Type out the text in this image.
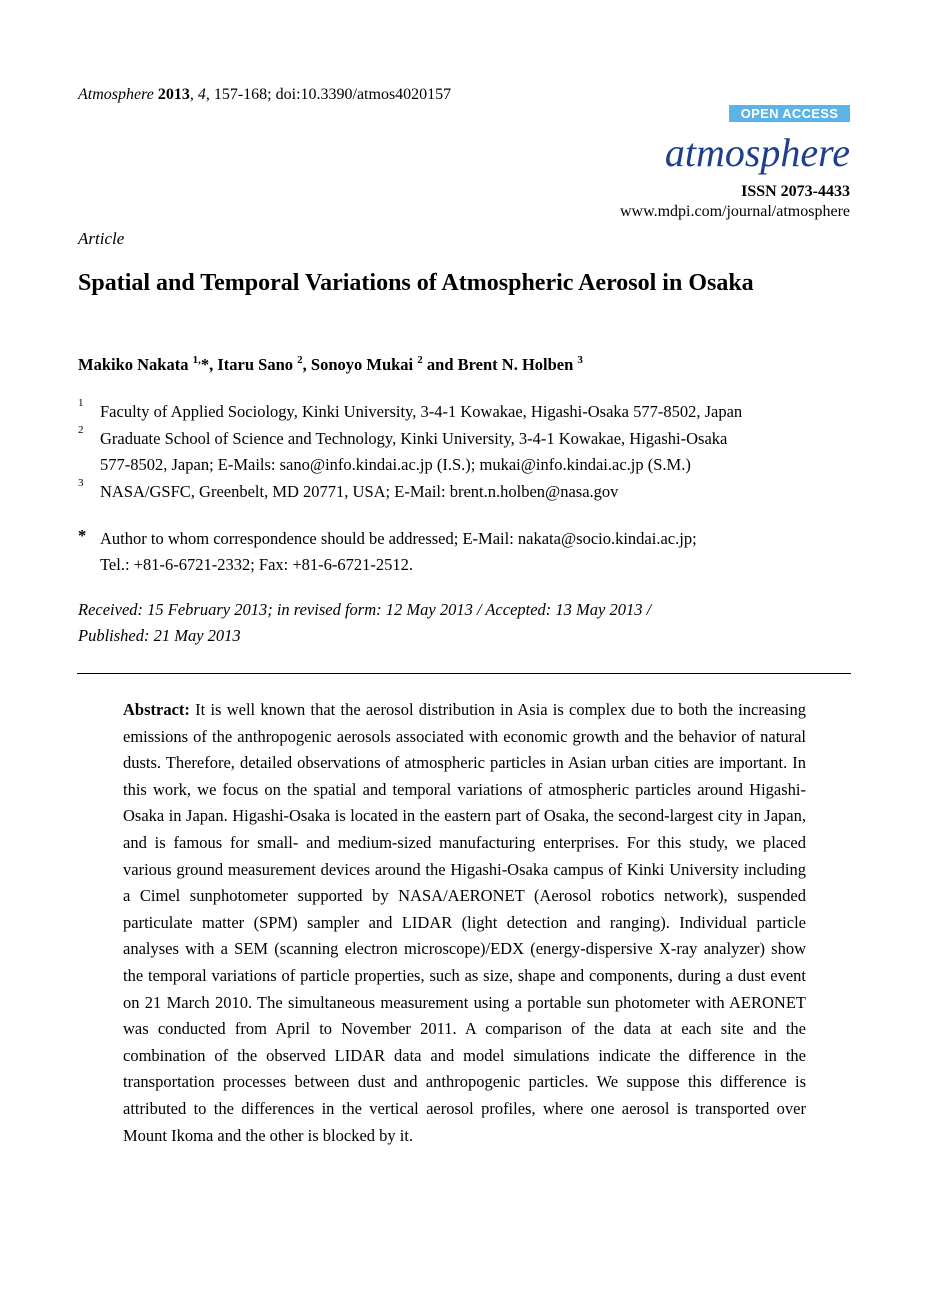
Atmosphere 2013, 4, 157-168; doi:10.3390/atmos4020157
OPEN ACCESS
atmosphere
ISSN 2073-4433
www.mdpi.com/journal/atmosphere
Article
Spatial and Temporal Variations of Atmospheric Aerosol in Osaka
Makiko Nakata $^{1,}$*, Itaru Sano $^2$, Sonoyo Mukai $^2$ and Brent N. Holben $^3$
1 Faculty of Applied Sociology, Kinki University, 3-4-1 Kowakae, Higashi-Osaka 577-8502, Japan
2 Graduate School of Science and Technology, Kinki University, 3-4-1 Kowakae, Higashi-Osaka
577-8502, Japan; E-Mails: sano@info.kindai.ac.jp (I.S.); mukai@info.kindai.ac.jp (S.M.)
3 NASA/GSFC, Greenbelt, MD 20771, USA; E-Mail: brent.n.holben@nasa.gov
* Author to whom correspondence should be addressed; E-Mail: nakata@socio.kindai.ac.jp;
Tel.: +81-6-6721-2332; Fax: +81-6-6721-2512.
Received: 15 February 2013; in revised form: 12 May 2013 / Accepted: 13 May 2013 /
Published: 21 May 2013
Abstract: It is well known that the aerosol distribution in Asia is complex due to both the increasing emissions of the anthropogenic aerosols associated with economic growth and the behavior of natural dusts. Therefore, detailed observations of atmospheric particles in Asian urban cities are important. In this work, we focus on the spatial and temporal variations of atmospheric particles around Higashi-Osaka in Japan. Higashi-Osaka is located in the eastern part of Osaka, the second-largest city in Japan, and is famous for small- and medium-sized manufacturing enterprises. For this study, we placed various ground measurement devices around the Higashi-Osaka campus of Kinki University including a Cimel sunphotometer supported by NASA/AERONET (Aerosol robotics network), suspended particulate matter (SPM) sampler and LIDAR (light detection and ranging). Individual particle analyses with a SEM (scanning electron microscope)/EDX (energy-dispersive X-ray analyzer) show the temporal variations of particle properties, such as size, shape and components, during a dust event on 21 March 2010. The simultaneous measurement using a portable sun photometer with AERONET was conducted from April to November 2011. A comparison of the data at each site and the combination of the observed LIDAR data and model simulations indicate the difference in the transportation processes between dust and anthropogenic particles. We suppose this difference is attributed to the differences in the vertical aerosol profiles, where one aerosol is transported over Mount Ikoma and the other is blocked by it.
